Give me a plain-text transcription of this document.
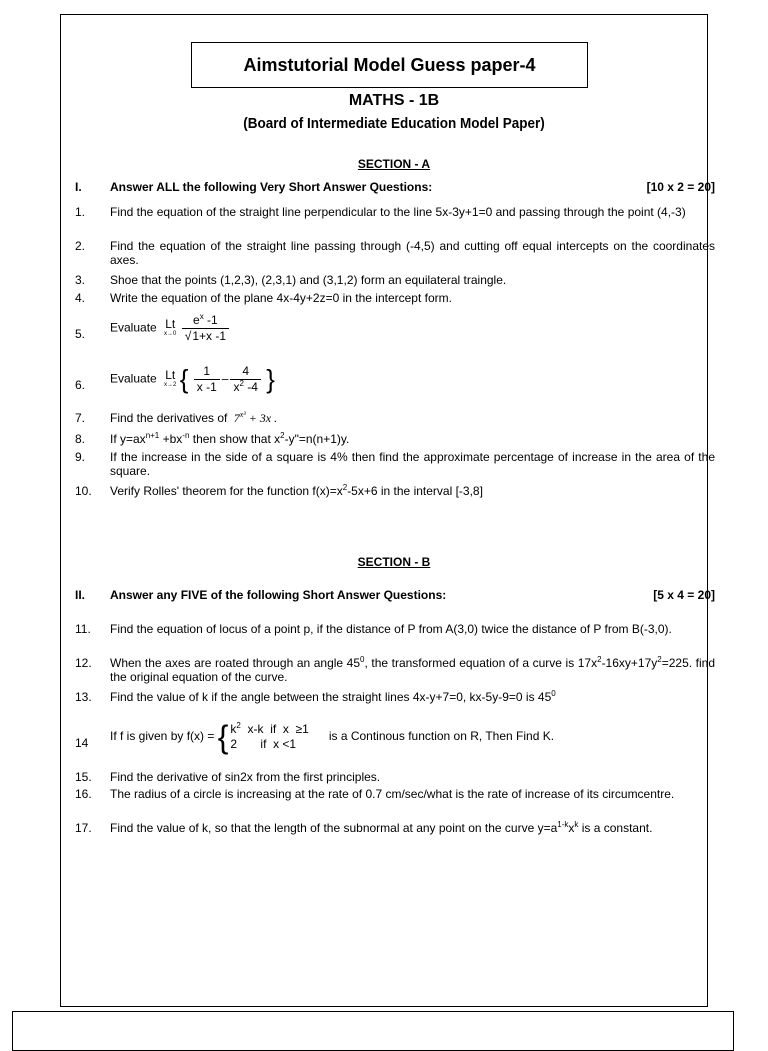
Aimstutorial Model Guess paper-4
MATHS - 1B
(Board of Intermediate Education Model Paper)
SECTION - A
I. Answer ALL the following Very Short Answer Questions:	[10 x 2 = 20]
1. Find the equation of the straight line perpendicular to the line 5x-3y+1=0 and passing through the point (4,-3)
2. Find the equation of the straight line passing through (-4,5) and cutting off equal intercepts on the coordinates axes.
3. Shoe that the points (1,2,3), (2,3,1) and (3,1,2) form an equilateral traingle.
4. Write the equation of the plane 4x-4y+2z=0 in the intercept form.
5. Evaluate Lt
x→0
$\frac{e^x -1}{√1+x -1}$
6. Evaluate Lt
x→2 { $\frac{1}{x -1} - \frac{4}{x^2 -4}$ }
7. Find the derivatives of $7^{x^3} + 3x$ .
8. If $y=ax^{n+1} +bx^{-n}$ then show that $x^2-y"=n(n+1)y$.
9. If the increase in the side of a square is 4% then find the approximate percentage of increase in the area of the square.
10. Verify Rolles' theorem for the function $f(x)=x^2-5x+6$ in the interval [-3,8]
SECTION - B
II. Answer any FIVE of the following Short Answer Questions:	[5 x 4 = 20]
11. Find the equation of locus of a point p, if the distance of P from A(3,0) twice the distance of P from B(-3,0).
12. When the axes are roated through an angle $45^0$, the transformed equation of a curve is $17x^2-16xy+17y^2=225$. find the original equation of the curve.
13. Find the value of k if the angle between the straight lines 4x-y+7=0, kx-5y-9=0 is $45^0$
14 If f is given by f(x) = { $k^2$  x-k  if  x  ≥1
2       if  x <1
is a Continous function on R, Then Find K.
15. Find the derivative of sin2x from the first principles.
16. The radius of a circle is increasing at the rate of 0.7 cm/sec/what is the rate of increase of its circumcentre.
17. Find the value of k, so that the length of the subnormal at any point on the curve $y=a^{1-k}x^k$ is a constant.
